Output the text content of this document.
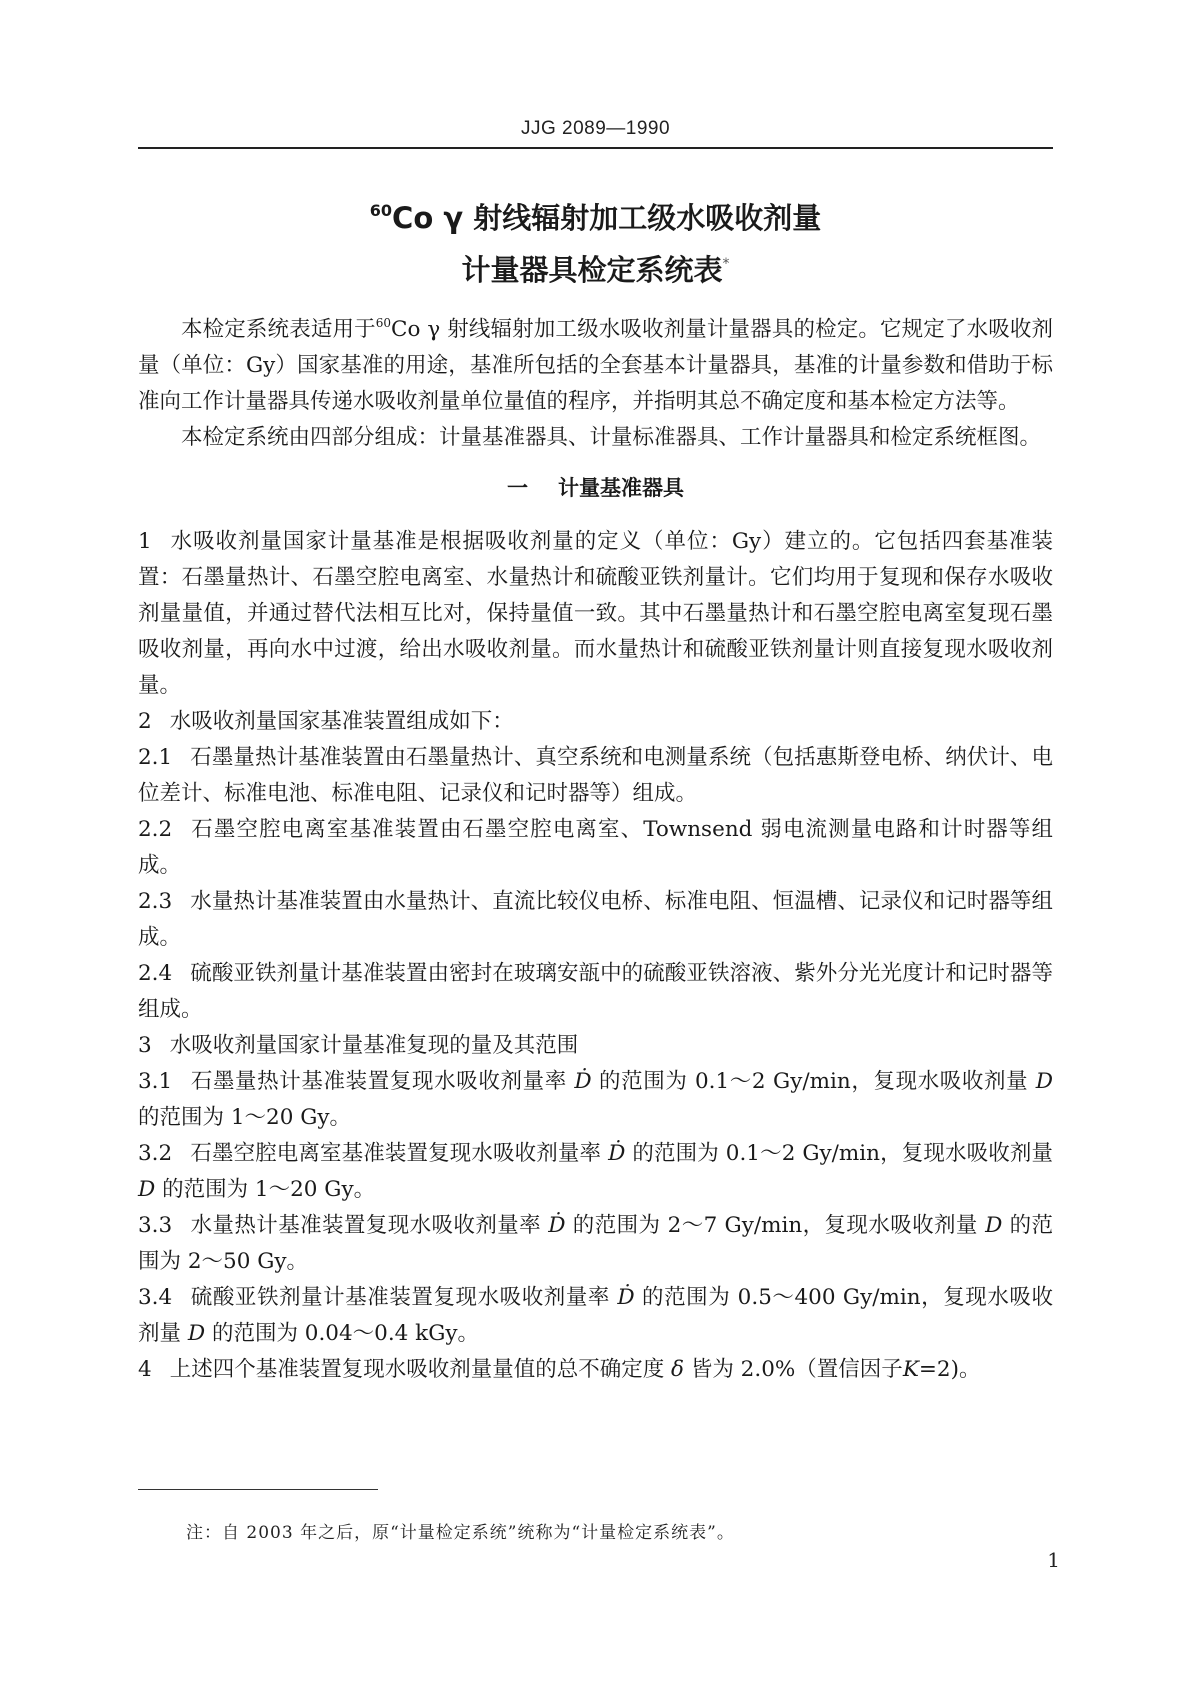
JJG 2089—1990
$^{60}$Co γ 射线辐射加工级水吸收剂量
计量器具检定系统表*

本检定系统表适用于$^{60}$Co γ 射线辐射加工级水吸收剂量计量器具的检定。它规定了水吸收剂量（单位：Gy）国家基准的用途，基准所包括的全套基本计量器具，基准的计量参数和借助于标准向工作计量器具传递水吸收剂量单位量值的程序，并指明其总不确定度和基本检定方法等。

本检定系统由四部分组成：计量基准器具、计量标准器具、工作计量器具和检定系统框图。

一 计量基准器具

1 水吸收剂量国家计量基准是根据吸收剂量的定义（单位：Gy）建立的。它包括四套基准装置：石墨量热计、石墨空腔电离室、水量热计和硫酸亚铁剂量计。它们均用于复现和保存水吸收剂量量值，并通过替代法相互比对，保持量值一致。其中石墨量热计和石墨空腔电离室复现石墨吸收剂量，再向水中过渡，给出水吸收剂量。而水量热计和硫酸亚铁剂量计则直接复现水吸收剂量。

2 水吸收剂量国家基准装置组成如下：

2.1 石墨量热计基准装置由石墨量热计、真空系统和电测量系统（包括惠斯登电桥、纳伏计、电位差计、标准电池、标准电阻、记录仪和记时器等）组成。

2.2 石墨空腔电离室基准装置由石墨空腔电离室、Townsend 弱电流测量电路和计时器等组成。

2.3 水量热计基准装置由水量热计、直流比较仪电桥、标准电阻、恒温槽、记录仪和记时器等组成。

2.4 硫酸亚铁剂量计基准装置由密封在玻璃安瓿中的硫酸亚铁溶液、紫外分光光度计和记时器等组成。

3 水吸收剂量国家计量基准复现的量及其范围

3.1 石墨量热计基准装置复现水吸收剂量率 Ḋ 的范围为 0.1～2 Gy/min，复现水吸收剂量 D 的范围为 1～20 Gy。

3.2 石墨空腔电离室基准装置复现水吸收剂量率 Ḋ 的范围为 0.1～2 Gy/min，复现水吸收剂量 D 的范围为 1～20 Gy。

3.3 水量热计基准装置复现水吸收剂量率 Ḋ 的范围为 2～7 Gy/min，复现水吸收剂量 D 的范围为 2～50 Gy。

3.4 硫酸亚铁剂量计基准装置复现水吸收剂量率 Ḋ 的范围为 0.5～400 Gy/min，复现水吸收剂量 D 的范围为 0.04～0.4 kGy。

4 上述四个基准装置复现水吸收剂量量值的总不确定度 δ 皆为 2.0%（置信因子K=2)。

注：自 2003 年之后，原“计量检定系统”统称为“计量检定系统表”。
1
